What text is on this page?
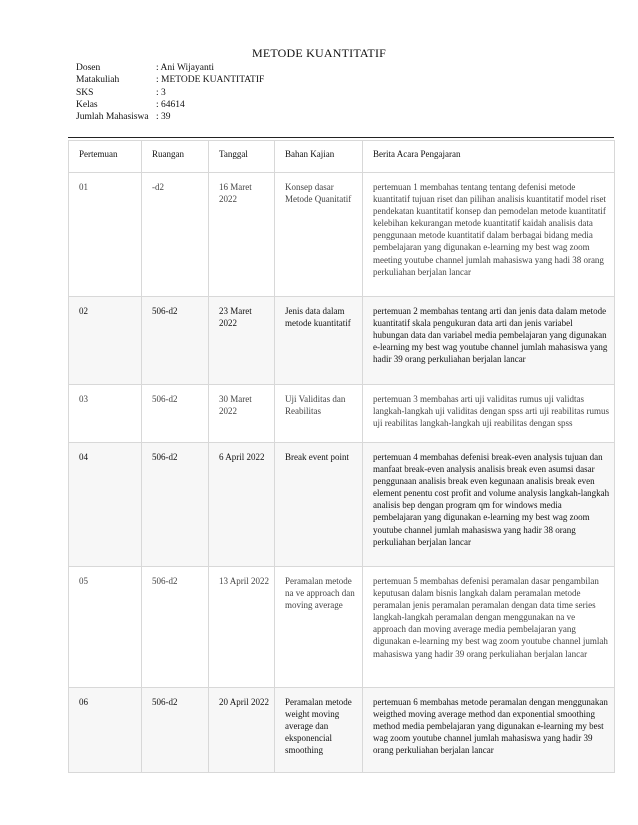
METODE KUANTITATIF
Dosen	: Ani Wijayanti
Matakuliah	: METODE KUANTITATIF
SKS	: 3
Kelas	: 64614
Jumlah Mahasiswa : 39
Pertemuan	Ruangan	Tanggal	Bahan Kajian	Berita Acara Pengajaran
01	-d2	16 Maret 2022	Konsep dasar Metode Quanitatif	pertemuan 1 membahas tentang tentang defenisi metode kuantitatif tujuan riset dan pilihan analisis kuantitatif model riset pendekatan kuantitatif konsep dan pemodelan metode kuantitatif kelebihan kekurangan metode kuantitatif kaidah analisis data penggunaan metode kuantitatif dalam berbagai bidang media pembelajaran yang digunakan e-learning my best wag zoom meeting youtube channel jumlah mahasiswa yang hadi 38 orang perkuliahan berjalan lancar
02	506-d2	23 Maret 2022	Jenis data dalam metode kuantitatif	pertemuan 2 membahas tentang arti dan jenis data dalam metode kuantitatif skala pengukuran data arti dan jenis variabel hubungan data dan variabel media pembelajaran yang digunakan e-learning my best wag youtube channel jumlah mahasiswa yang hadir 39 orang perkuliahan berjalan lancar
03	506-d2	30 Maret 2022	Uji Validitas dan Reabilitas	pertemuan 3 membahas arti uji validitas rumus uji validtas langkah-langkah uji validitas dengan spss arti uji reabilitas rumus uji reabilitas langkah-langkah uji reabilitas dengan spss
04	506-d2	6 April 2022	Break event point	pertemuan 4 membahas defenisi break-even analysis tujuan dan manfaat break-even analysis analisis break even asumsi dasar penggunaan analisis break even kegunaan analisis break even element penentu cost profit and volume analysis langkah-langkah analisis bep dengan program qm for windows media pembelajaran yang digunakan e-learning my best wag zoom youtube channel jumlah mahasiswa yang hadir 38 orang perkuliahan berjalan lancar
05	506-d2	13 April 2022	Peramalan metode na ve approach dan moving average	pertemuan 5 membahas defenisi peramalan dasar pengambilan keputusan dalam bisnis langkah dalam peramalan metode peramalan jenis peramalan peramalan dengan data time series langkah-langkah peramalan dengan menggunakan na ve approach dan moving average media pembelajaran yang digunakan e-learning my best wag zoom youtube channel jumlah mahasiswa yang hadir 39 orang perkuliahan berjalan lancar
06	506-d2	20 April 2022	Peramalan metode weight moving average dan eksponencial smoothing	pertemuan 6 membahas metode peramalan dengan menggunakan weigthed moving average method dan exponential smoothing method media pembelajaran yang digunakan e-learning my best wag zoom youtube channel jumlah mahasiswa yang hadir 39 orang perkuliahan berjalan lancar
